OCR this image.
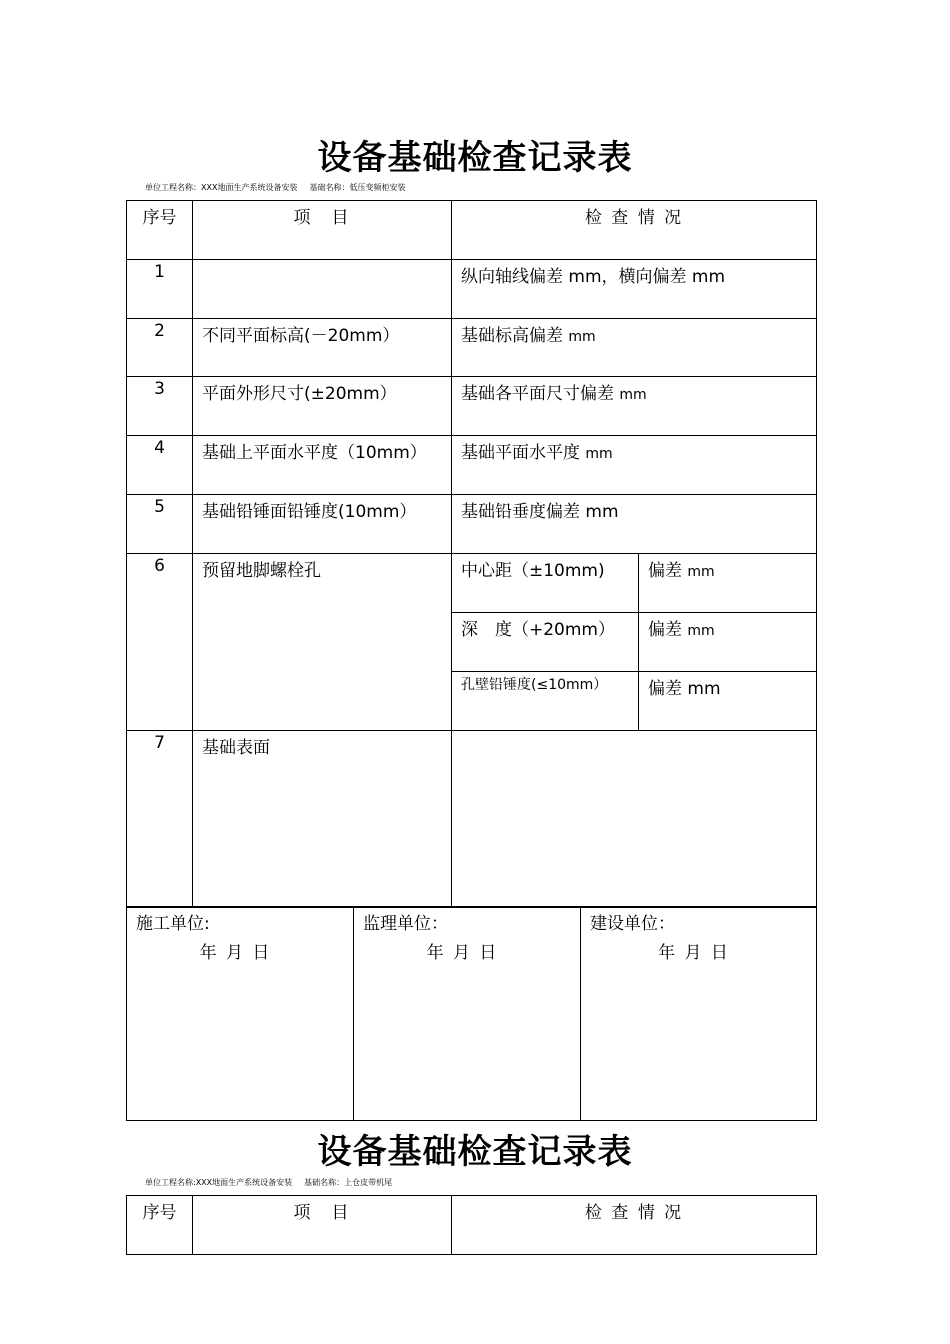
设备基础检查记录表
单位工程名称：XXX地面生产系统设备安装 基础名称：低压变频柜安装
序号	项　目	检 查 情 况	
1		纵向轴线偏差 mm，横向偏差 mm	
2	不同平面标高(－20mm）	基础标高偏差 mm	
3	平面外形尺寸(±20mm）	基础各平面尺寸偏差 mm	
4	基础上平面水平度（10mm）	基础平面水平度 mm	
5	基础铅锤面铅锤度(10mm）	基础铅垂度偏差 mm	
6	预留地脚螺栓孔	中心距（±10mm)	偏差 mm
		深　度（+20mm）	偏差 mm
		孔壁铅锤度(≤10mm）	偏差 mm
7	基础表面		
施工单位:
年 月 日
	监理单位：
年 月 日
	建设单位：
年 月 日
设备基础检查记录表
单位工程名称:XXX地面生产系统设备安装 基础名称：上仓皮带机尾
序号	项　目	检 查 情 况
